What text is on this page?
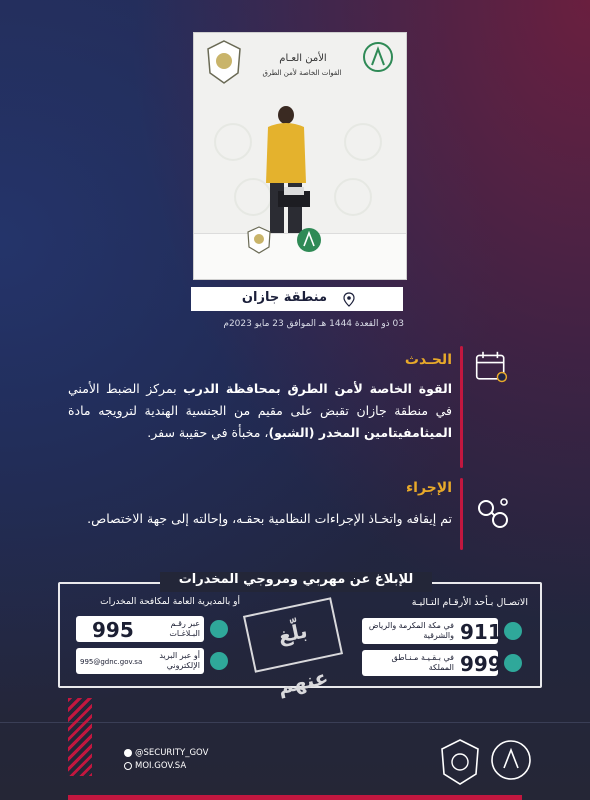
الأمن العـام
القوات الخاصة لأمن الطرق
منطقة جازان
03 ذو القعدة 1444 هـ الموافق 23 مايو 2023م
الحـدث
القوة الخاصة لأمن الطرق بمحافظة الدرب بمركز الضبط الأمني في منطقة جازان تقبض على مقيم من الجنسية الهندية لترويجه مادة الميثامفيتامين المخدر (الشبو)، مخبأة في حقيبة سفر.
الإجراء
تم إيقافه واتخـاذ الإجراءات النظامية بحقـه، وإحالته إلى جهة الاختصاص.
للإبلاغ عن مهربي ومروجي المخدرات
الاتصـال بـأحد الأرقـام التـاليـة
أو بالمديرية العامة لمكافحة المخدرات
911
في مكة المكرمة والرياض والشرقية
999
في بـقـيـة مـنـاطق المملكة
بلّغ عنهم
995	عبر رقـم البـلاغـات
995@gdnc.gov.sa
أو عبر البريد الإلكتروني
@SECURITY_GOV
MOI.GOV.SA
